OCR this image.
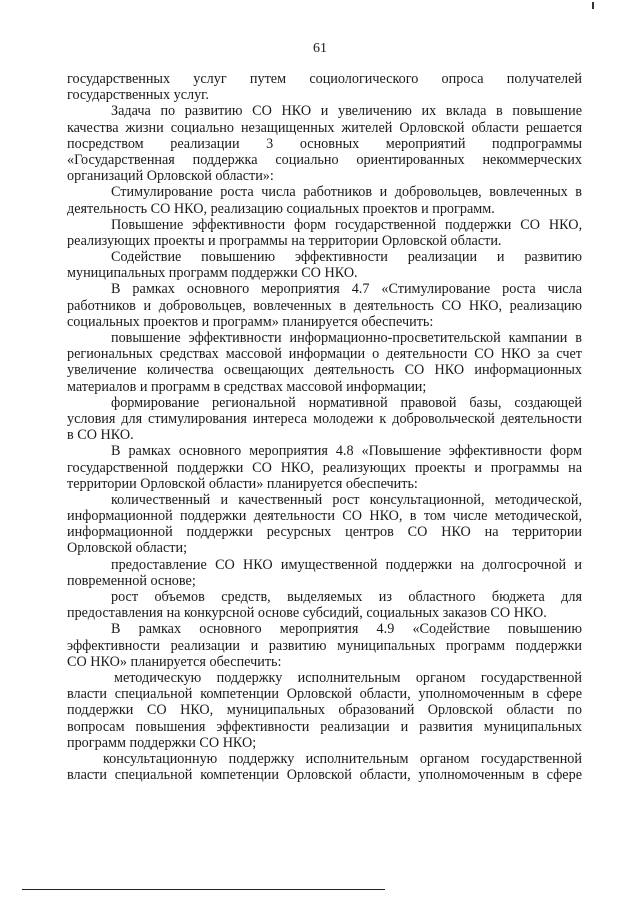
61
государственных услуг путем социологического опроса получателей
государственных услуг.
Задача по развитию СО НКО и увеличению их вклада в повышение
качества жизни социально незащищенных жителей Орловской области решается
посредством реализации 3 основных мероприятий подпрограммы
«Государственная поддержка социально ориентированных некоммерческих
организаций Орловской области»:
Стимулирование роста числа работников и добровольцев, вовлеченных в
деятельность СО НКО, реализацию социальных проектов и программ.
Повышение эффективности форм государственной поддержки СО НКО,
реализующих проекты и программы на территории Орловской области.
Содействие повышению эффективности реализации и развитию
муниципальных программ поддержки СО НКО.
В рамках основного мероприятия 4.7 «Стимулирование роста числа
работников и добровольцев, вовлеченных в деятельность СО НКО, реализацию
социальных проектов и программ» планируется обеспечить:
повышение эффективности информационно-просветительской кампании в
региональных средствах массовой информации о деятельности СО НКО за счет
увеличение количества освещающих деятельность СО НКО информационных
материалов и программ в средствах массовой информации;
формирование региональной нормативной правовой базы, создающей
условия для стимулирования интереса молодежи к добровольческой деятельности
в СО НКО.
В рамках основного мероприятия 4.8 «Повышение эффективности форм
государственной поддержки СО НКО, реализующих проекты и программы на
территории Орловской области» планируется обеспечить:
количественный и качественный рост консультационной, методической,
информационной поддержки деятельности СО НКО, в том числе методической,
информационной поддержки ресурсных центров СО НКО на территории
Орловской области;
предоставление СО НКО имущественной поддержки на долгосрочной и
повременной основе;
рост объемов средств, выделяемых из областного бюджета для
предоставления на конкурсной основе субсидий, социальных заказов СО НКО.
В рамках основного мероприятия 4.9 «Содействие повышению
эффективности реализации и развитию муниципальных программ поддержки
СО НКО» планируется обеспечить:
методическую поддержку исполнительным органом государственной
власти специальной компетенции Орловской области, уполномоченным в сфере
поддержки СО НКО, муниципальных образований Орловской области по
вопросам повышения эффективности реализации и развития муниципальных
программ поддержки СО НКО;
консультационную поддержку исполнительным органом государственной
власти специальной компетенции Орловской области, уполномоченным в сфере
